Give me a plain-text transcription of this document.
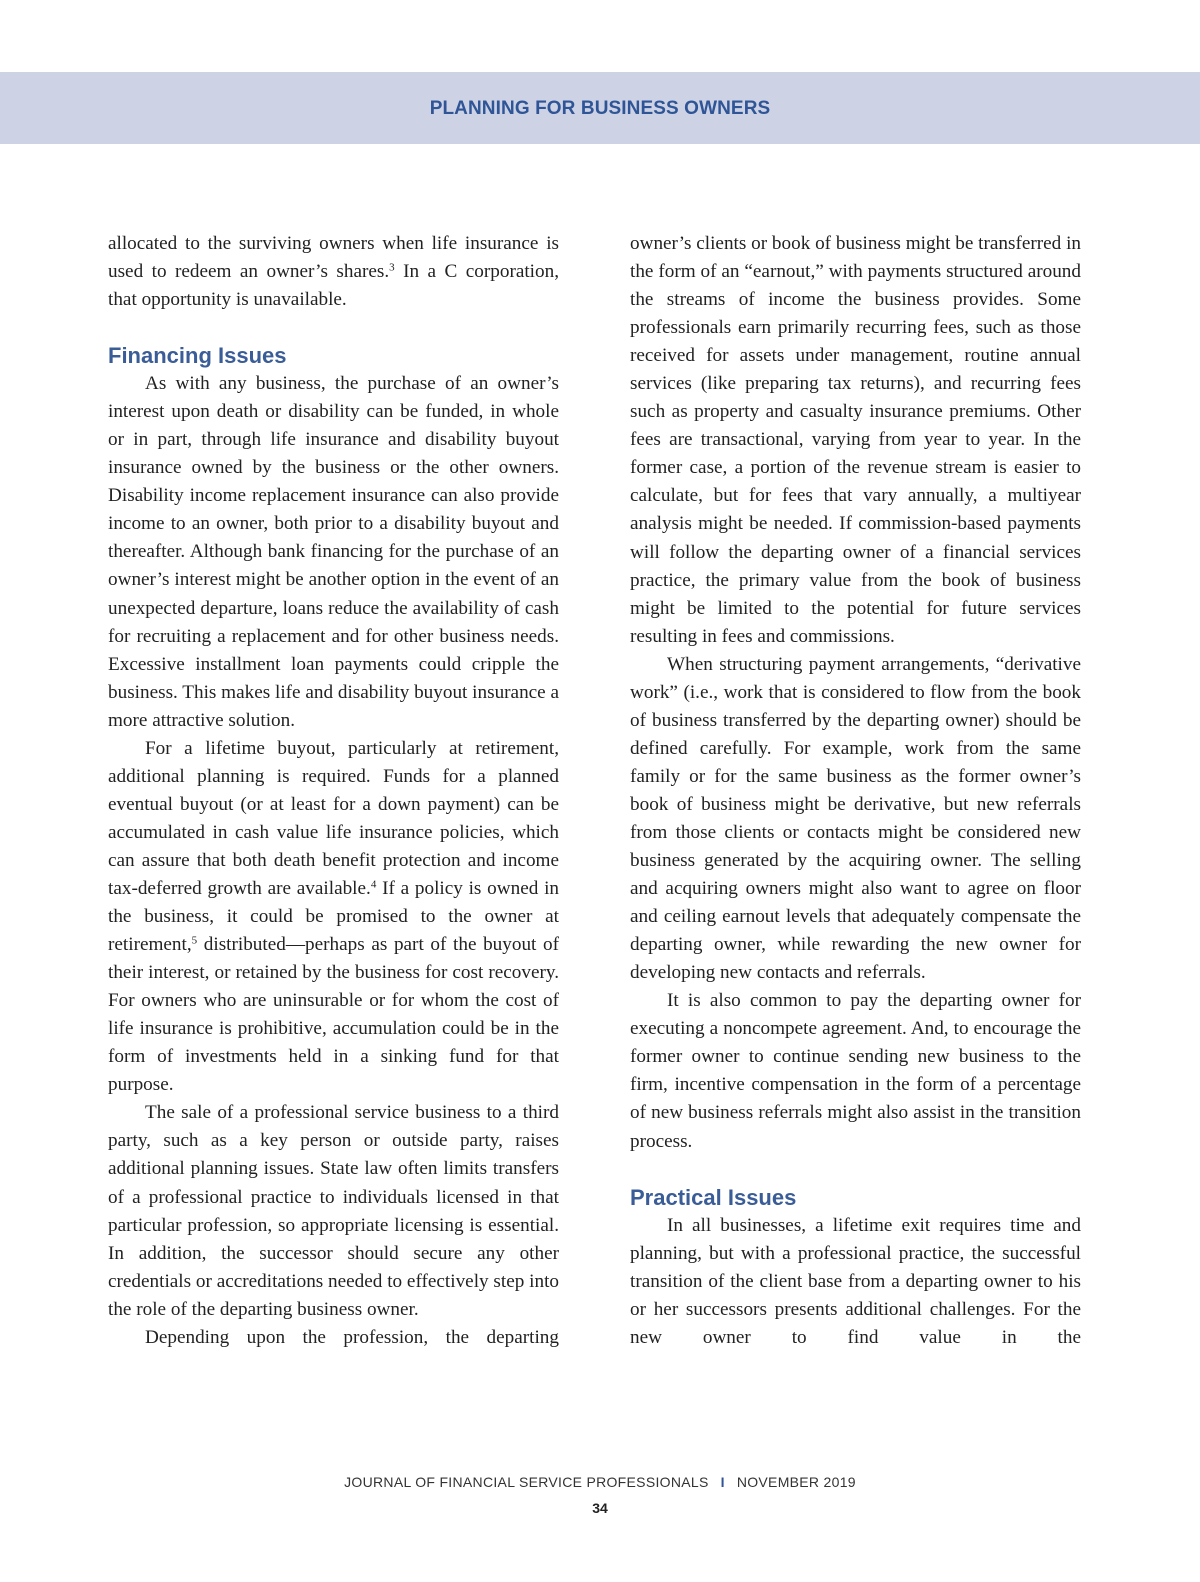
PLANNING FOR BUSINESS OWNERS

allocated to the surviving owners when life insurance is used to redeem an owner’s shares.$^3$ In a C corporation, that opportunity is unavailable.

Financing Issues

As with any business, the purchase of an owner’s interest upon death or disability can be funded, in whole or in part, through life insurance and disability buyout insurance owned by the business or the other owners. Disability income replacement insurance can also provide income to an owner, both prior to a disability buyout and thereafter. Although bank financing for the purchase of an owner’s interest might be another option in the event of an unexpected departure, loans reduce the availability of cash for recruiting a replacement and for other business needs. Excessive installment loan payments could cripple the business. This makes life and disability buyout insurance a more attractive solution.

For a lifetime buyout, particularly at retirement, additional planning is required. Funds for a planned eventual buyout (or at least for a down payment) can be accumulated in cash value life insurance policies, which can assure that both death benefit protection and income tax-deferred growth are available.$^4$ If a policy is owned in the business, it could be promised to the owner at retirement,$^5$ distributed—perhaps as part of the buyout of their interest, or retained by the business for cost recovery. For owners who are uninsurable or for whom the cost of life insurance is prohibitive, accumulation could be in the form of investments held in a sinking fund for that purpose.

The sale of a professional service business to a third party, such as a key person or outside party, raises additional planning issues. State law often limits transfers of a professional practice to individuals licensed in that particular profession, so appropriate licensing is essential. In addition, the successor should secure any other credentials or accreditations needed to effectively step into the role of the departing business owner.

Depending upon the profession, the departing

owner’s clients or book of business might be transferred in the form of an “earnout,” with payments structured around the streams of income the business provides. Some professionals earn primarily recurring fees, such as those received for assets under management, routine annual services (like preparing tax returns), and recurring fees such as property and casualty insurance premiums. Other fees are transactional, varying from year to year. In the former case, a portion of the revenue stream is easier to calculate, but for fees that vary annually, a multiyear analysis might be needed. If commission-based payments will follow the departing owner of a financial services practice, the primary value from the book of business might be limited to the potential for future services resulting in fees and commissions.

When structuring payment arrangements, “derivative work” (i.e., work that is considered to flow from the book of business transferred by the departing owner) should be defined carefully. For example, work from the same family or for the same business as the former owner’s book of business might be derivative, but new referrals from those clients or contacts might be considered new business generated by the acquiring owner. The selling and acquiring owners might also want to agree on floor and ceiling earnout levels that adequately compensate the departing owner, while rewarding the new owner for developing new contacts and referrals.

It is also common to pay the departing owner for executing a noncompete agreement. And, to encourage the former owner to continue sending new business to the firm, incentive compensation in the form of a percentage of new business referrals might also assist in the transition process.

Practical Issues

In all businesses, a lifetime exit requires time and planning, but with a professional practice, the successful transition of the client base from a departing owner to his or her successors presents additional challenges. For the new owner to find value in the

JOURNAL OF FINANCIAL SERVICE PROFESSIONALS I NOVEMBER 2019
34
